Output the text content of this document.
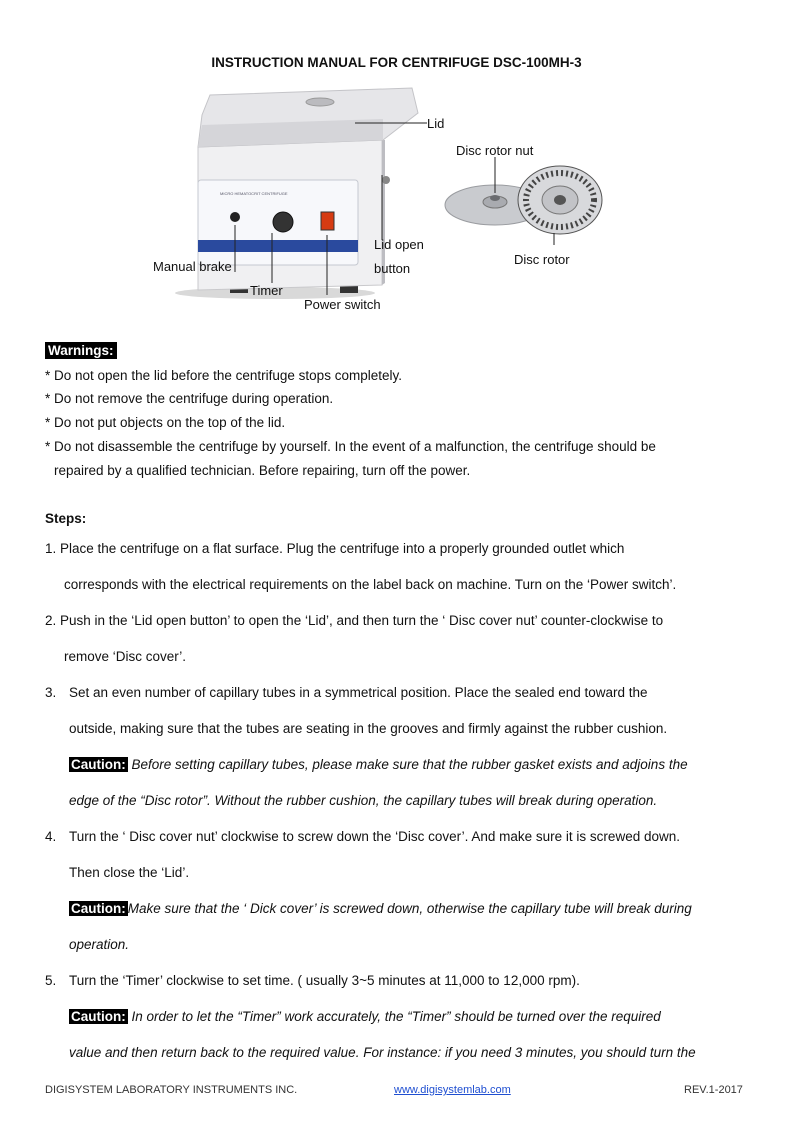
INSTRUCTION MANUAL FOR CENTRIFUGE DSC-100MH-3
MICRO HEMATOCRIT CENTRIFUGE
Lid
Disc rotor nut
Lid open
button
Disc rotor
Manual brake
Timer
Power switch
Warnings:
* Do not open the lid before the centrifuge stops completely.
* Do not remove the centrifuge during operation.
* Do not put objects on the top of the lid.
* Do not disassemble the centrifuge by yourself. In the event of a malfunction, the centrifuge should be
repaired by a qualified technician. Before repairing, turn off the power.
Steps:
1. Place the centrifuge on a flat surface. Plug the centrifuge into a properly grounded outlet which
corresponds with the electrical requirements on the label back on machine. Turn on the ‘Power switch’.
2. Push in the ‘Lid open button’ to open the ‘Lid’, and then turn the ‘ Disc cover nut’ counter-clockwise to
remove ‘Disc cover’.
3. Set an even number of capillary tubes in a symmetrical position. Place the sealed end toward the
outside, making sure that the tubes are seating in the grooves and firmly against the rubber cushion.
Caution: Before setting capillary tubes, please make sure that the rubber gasket exists and adjoins the
edge of the “Disc rotor”. Without the rubber cushion, the capillary tubes will break during operation.
4. Turn the ‘ Disc cover nut’ clockwise to screw down the ‘Disc cover’. And make sure it is screwed down.
Then close the ‘Lid’.
Caution: Make sure that the ‘ Dick cover’ is screwed down, otherwise the capillary tube will break during
operation.
5. Turn the ‘Timer’ clockwise to set time. ( usually 3~5 minutes at 11,000 to 12,000 rpm).
Caution: In order to let the “Timer” work accurately, the “Timer” should be turned over the required
value and then return back to the required value. For instance: if you need 3 minutes, you should turn the
DIGISYSTEM LABORATORY INSTRUMENTS INC.	www.digisystemlab.com	REV.1-2017
